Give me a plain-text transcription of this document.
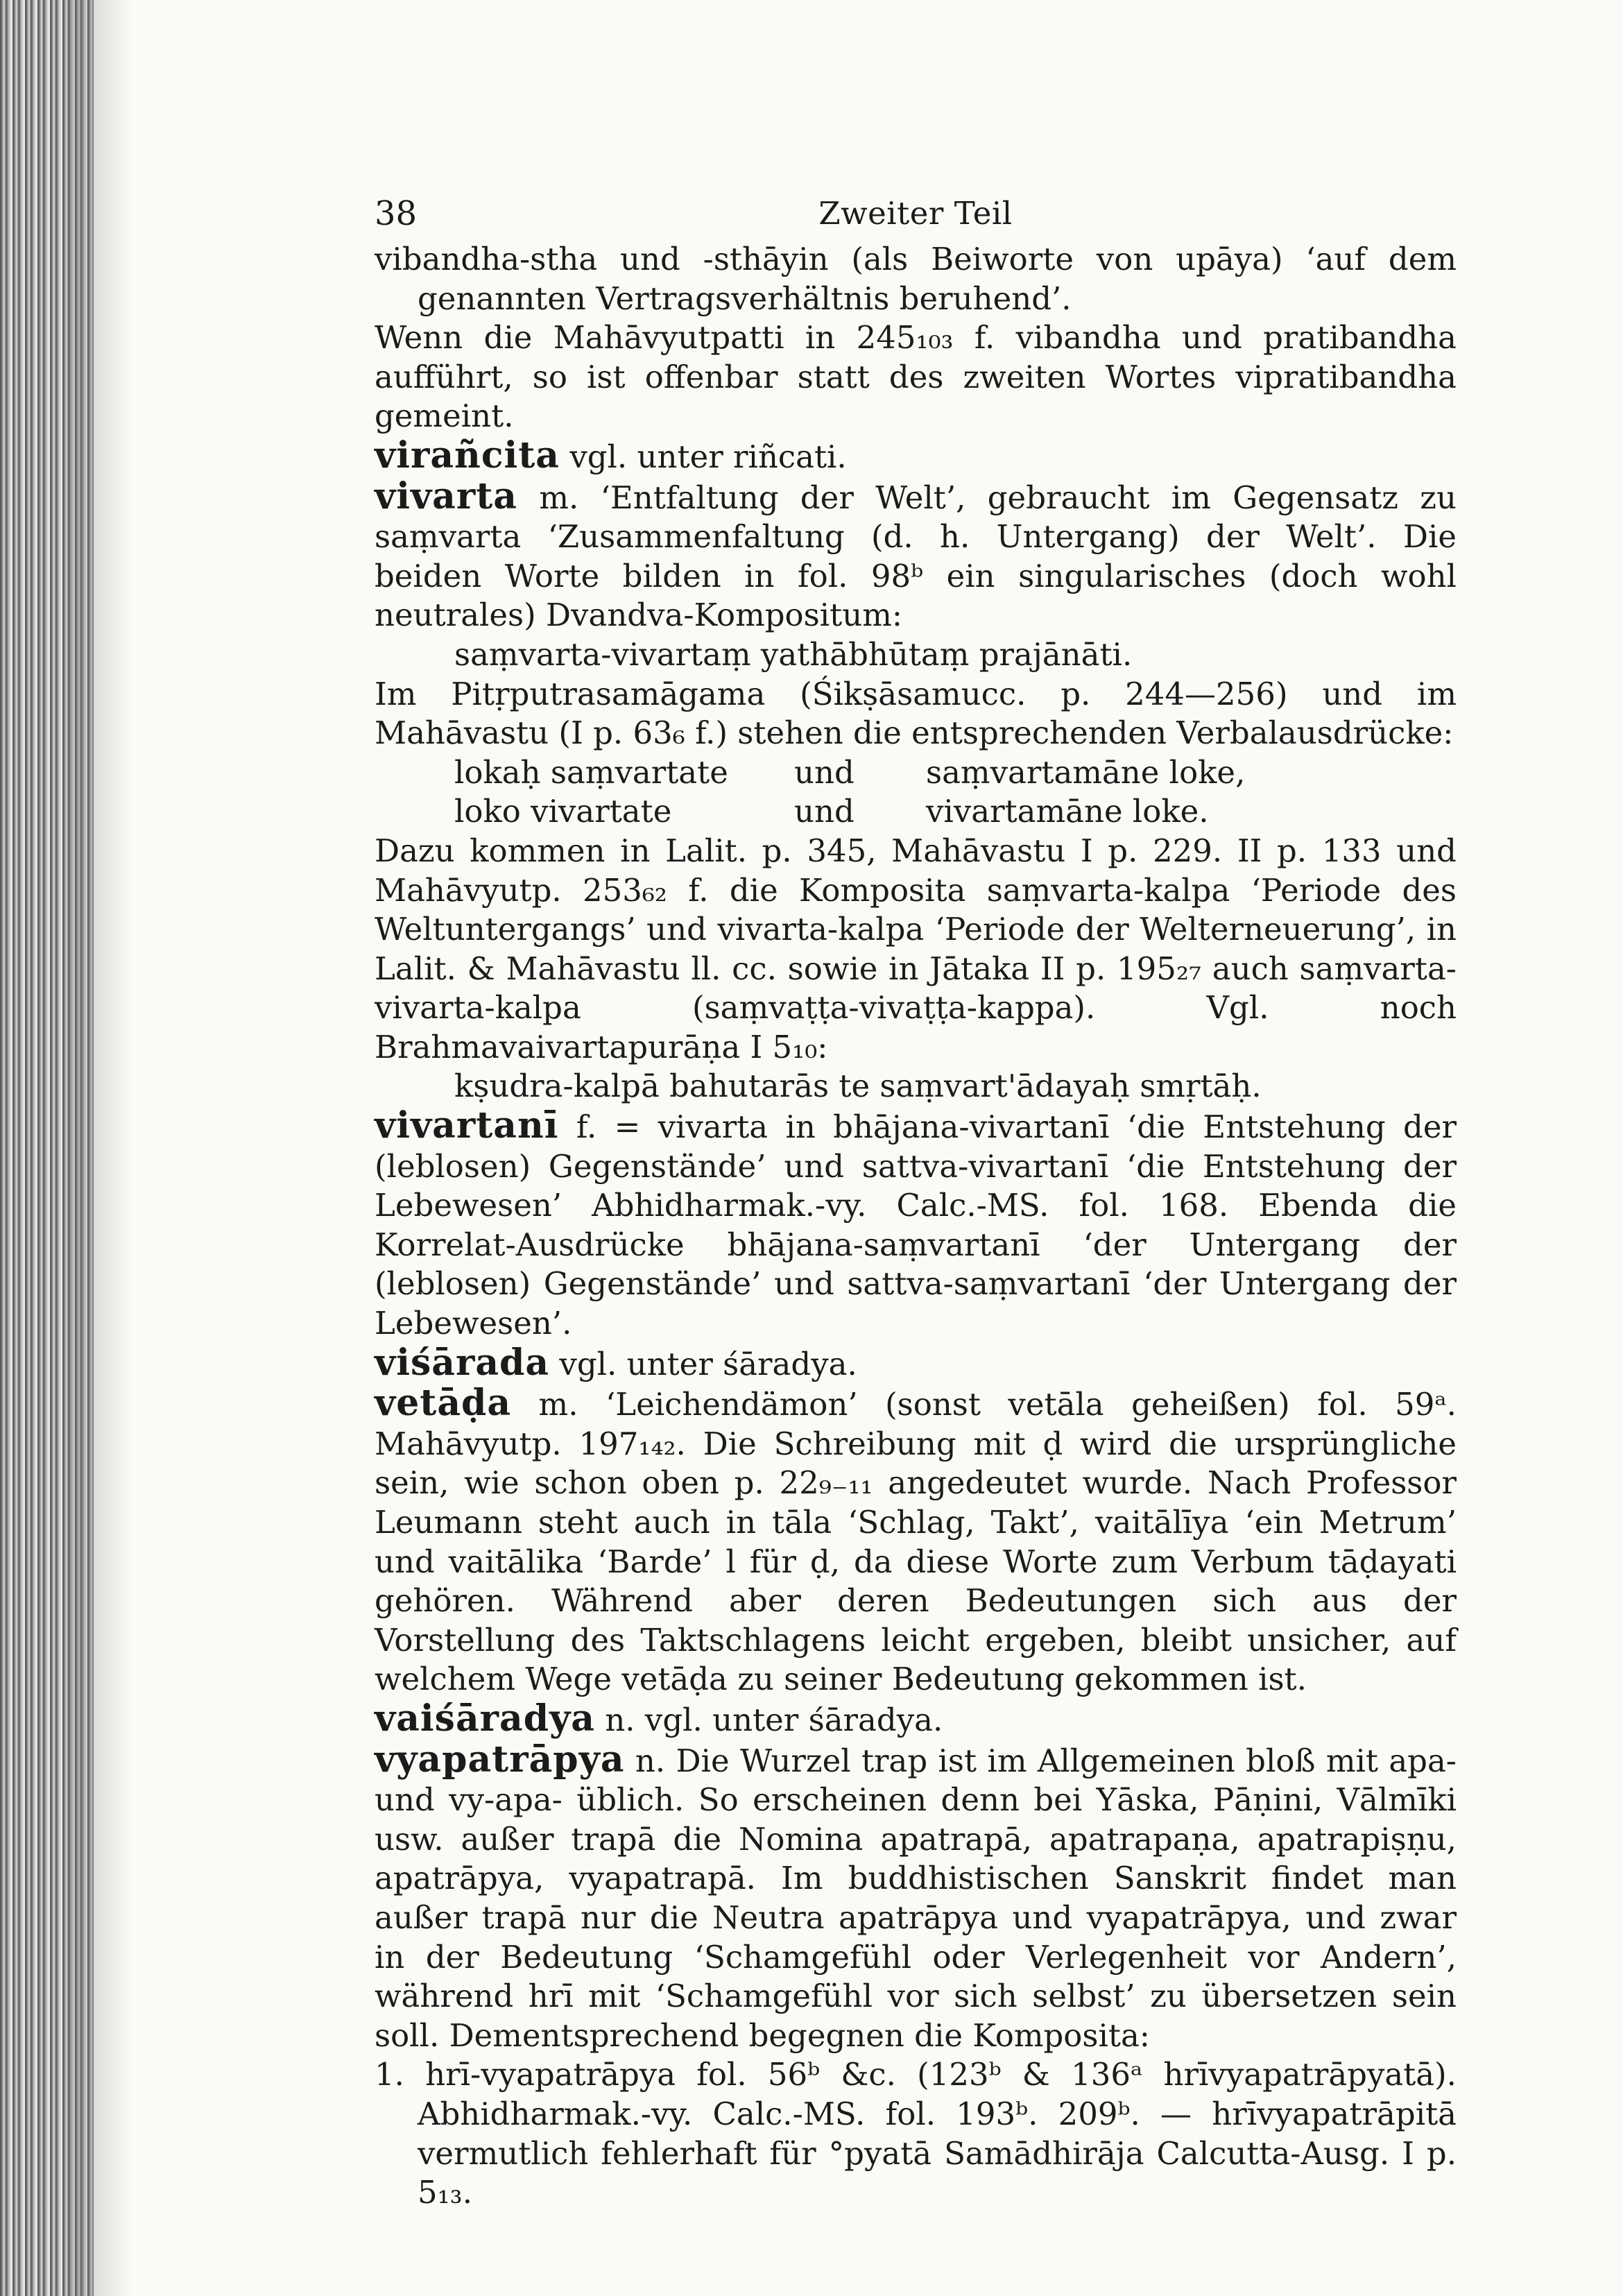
38	Zweiter Teil

vibandha-stha und -sthāyin (als Beiworte von upāya) ‘auf dem genannten Vertragsverhältnis beruhend’.

Wenn die Mahāvyutpatti in 245₁₀₃ f. vibandha und pratibandha aufführt, so ist offenbar statt des zweiten Wortes vipratibandha gemeint.

virañcita vgl. unter riñcati.

vivarta m. ‘Entfaltung der Welt’, gebraucht im Gegensatz zu saṃvarta ‘Zusammenfaltung (d. h. Untergang) der Welt’. Die beiden Worte bilden in fol. 98ᵇ ein singularisches (doch wohl neutrales) Dvandva-Kompositum:

saṃvarta-vivartaṃ yathābhūtaṃ prajānāti.

Im Pitṛputrasamāgama (Śikṣāsamucc. p. 244—256) und im Mahāvastu (I p. 63₆ f.) stehen die entsprechenden Verbalausdrücke:

lokaḥ saṃvartate	und	saṃvartamāne loke,
loko vivartate	und	vivartamāne loke.

Dazu kommen in Lalit. p. 345, Mahāvastu I p. 229. II p. 133 und Mahāvyutp. 253₆₂ f. die Komposita saṃvarta-kalpa ‘Periode des Weltuntergangs’ und vivarta-kalpa ‘Periode der Welterneuerung’, in Lalit. & Mahāvastu ll. cc. sowie in Jātaka II p. 195₂₇ auch saṃvarta-vivarta-kalpa (saṃvaṭṭa-vivaṭṭa-kappa). Vgl. noch Brahmavaivartapurāṇa I 5₁₀:

kṣudra-kalpā bahutarās te saṃvart'ādayaḥ smṛtāḥ.

vivartanī f. = vivarta in bhājana-vivartanī ‘die Entstehung der (leblosen) Gegenstände’ und sattva-vivartanī ‘die Entstehung der Lebewesen’ Abhidharmak.-vy. Calc.-MS. fol. 168. Ebenda die Korrelat-Ausdrücke bhājana-saṃvartanī ‘der Untergang der (leblosen) Gegenstände’ und sattva-saṃvartanī ‘der Untergang der Lebewesen’.

viśārada vgl. unter śāradya.

vetāḍa m. ‘Leichendämon’ (sonst vetāla geheißen) fol. 59ᵃ. Mahāvyutp. 197₁₄₂. Die Schreibung mit ḍ wird die ursprüngliche sein, wie schon oben p. 22₉₋₁₁ angedeutet wurde. Nach Professor Leumann steht auch in tāla ‘Schlag, Takt’, vaitālīya ‘ein Metrum’ und vaitālika ‘Barde’ l für ḍ, da diese Worte zum Verbum tāḍayati gehören. Während aber deren Bedeutungen sich aus der Vorstellung des Taktschlagens leicht ergeben, bleibt unsicher, auf welchem Wege vetāḍa zu seiner Bedeutung gekommen ist.

vaiśāradya n. vgl. unter śāradya.

vyapatrāpya n. Die Wurzel trap ist im Allgemeinen bloß mit apa- und vy-apa- üblich. So erscheinen denn bei Yāska, Pāṇini, Vālmīki usw. außer trapā die Nomina apatrapā, apatrapaṇa, apatrapiṣṇu, apatrāpya, vyapatrapā. Im buddhistischen Sanskrit findet man außer trapā nur die Neutra apatrāpya und vyapatrāpya, und zwar in der Bedeutung ‘Schamgefühl oder Verlegenheit vor Andern’, während hrī mit ‘Schamgefühl vor sich selbst’ zu übersetzen sein soll. Dementsprechend begegnen die Komposita:

1. hrī-vyapatrāpya fol. 56ᵇ &c. (123ᵇ & 136ᵃ hrīvyapatrāpyatā). Abhidharmak.-vy. Calc.-MS. fol. 193ᵇ. 209ᵇ. — hrīvyapatrāpitā vermutlich fehlerhaft für °pyatā Samādhirāja Calcutta-Ausg. I p. 5₁₃.
